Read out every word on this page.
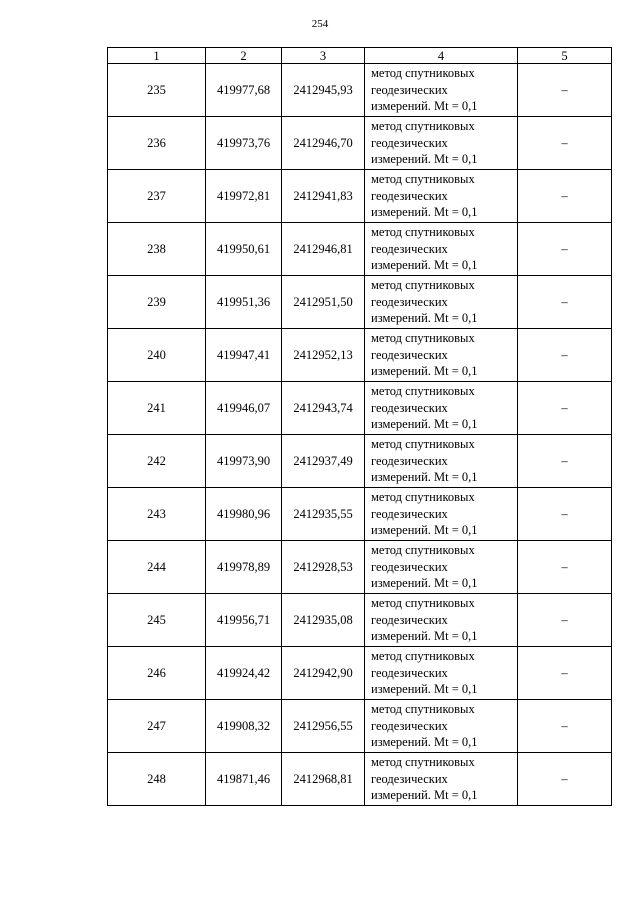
254
1	2	3	4	5
235	419977,68	2412945,93	метод спутниковых
геодезических
измерений. Mt = 0,1	–
236	419973,76	2412946,70	метод спутниковых
геодезических
измерений. Mt = 0,1	–
237	419972,81	2412941,83	метод спутниковых
геодезических
измерений. Mt = 0,1	–
238	419950,61	2412946,81	метод спутниковых
геодезических
измерений. Mt = 0,1	–
239	419951,36	2412951,50	метод спутниковых
геодезических
измерений. Mt = 0,1	–
240	419947,41	2412952,13	метод спутниковых
геодезических
измерений. Mt = 0,1	–
241	419946,07	2412943,74	метод спутниковых
геодезических
измерений. Mt = 0,1	–
242	419973,90	2412937,49	метод спутниковых
геодезических
измерений. Mt = 0,1	–
243	419980,96	2412935,55	метод спутниковых
геодезических
измерений. Mt = 0,1	–
244	419978,89	2412928,53	метод спутниковых
геодезических
измерений. Mt = 0,1	–
245	419956,71	2412935,08	метод спутниковых
геодезических
измерений. Mt = 0,1	–
246	419924,42	2412942,90	метод спутниковых
геодезических
измерений. Mt = 0,1	–
247	419908,32	2412956,55	метод спутниковых
геодезических
измерений. Mt = 0,1	–
248	419871,46	2412968,81	метод спутниковых
геодезических
измерений. Mt = 0,1	–
